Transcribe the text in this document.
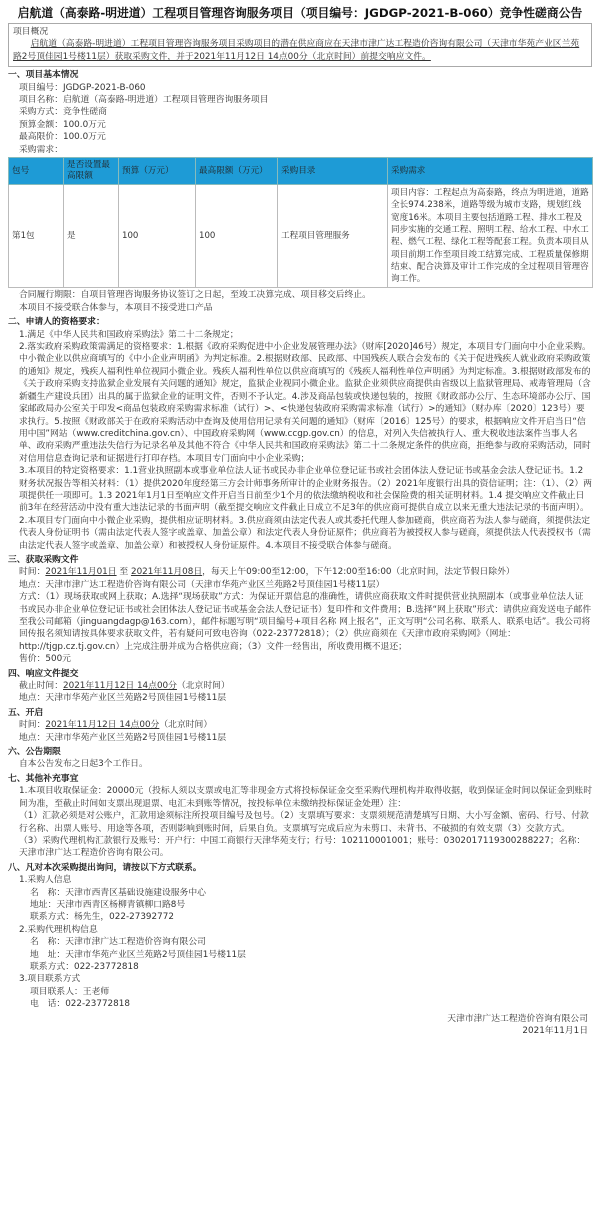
启航道（高泰路-明进道）工程项目管理咨询服务项目（项目编号：JGDGP-2021-B-060）竞争性磋商公告
项目概况
启航道（高泰路-明进道）工程项目管理咨询服务项目采购项目的潜在供应商应在天津市津广达工程造价咨询有限公司（天津市华苑产业区兰苑路2号顶佳园1号楼11层）获取采购文件，并于2021年11月12日 14点00分（北京时间）前提交响应文件。
一、项目基本情况
项目编号：JGDGP-2021-B-060
项目名称：启航道（高泰路-明进道）工程项目管理咨询服务项目
采购方式：竞争性磋商
预算金额：100.0万元
最高限价：100.0万元
采购需求：
包号	是否设置最高限额	预算（万元）	最高限额（万元）	采购目录	采购需求
第1包	是	100	100	工程项目管理服务	项目内容：工程起点为高泰路，终点为明进道，道路全长974.238米，道路等级为城市支路，规划红线宽度16米。本项目主要包括道路工程、排水工程及同步实施的交通工程、照明工程、给水工程、中水工程、燃气工程、绿化工程等配套工程。负责本项目从项目前期工作至项目竣工结算完成、工程质量保修期结束、配合决算及审计工作完成的全过程项目管理咨询工作。
合同履行期限：自项目管理咨询服务协议签订之日起，至竣工决算完成、项目移交后终止。
本项目不接受联合体参与，本项目不接受进口产品
二、申请人的资格要求：
1.满足《中华人民共和国政府采购法》第二十二条规定；
2.落实政府采购政策需满足的资格要求：1.根据《政府采购促进中小企业发展管理办法》（财库[2020]46号）规定，本项目专门面向中小企业采购。中小微企业以供应商填写的《中小企业声明函》为判定标准。2.根据财政部、民政部、中国残疾人联合会发布的《关于促进残疾人就业政府采购政策的通知》规定，残疾人福利性单位视同小微企业。残疾人福利性单位以供应商填写的《残疾人福利性单位声明函》为判定标准。3.根据财政部发布的《关于政府采购支持监狱企业发展有关问题的通知》规定，监狱企业视同小微企业。监狱企业须供应商提供由省级以上监狱管理局、戒毒管理局（含新疆生产建设兵团）出具的属于监狱企业的证明文件，否则不予认定。4.涉及商品包装或快递包装的，按照《财政部办公厅、生态环境部办公厅、国家邮政局办公室关于印发<商品包装政府采购需求标准（试行）>、<快递包装政府采购需求标准（试行）>的通知》（财办库〔2020〕123号）要求执行。5.按照《财政部关于在政府采购活动中查询及使用信用记录有关问题的通知》（财库〔2016〕125号）的要求，根据响应文件开启当日“信用中国”网站（www.creditchina.gov.cn）、中国政府采购网（www.ccgp.gov.cn）的信息，对列入失信被执行人、重大税收违法案件当事人名单、政府采购严重违法失信行为记录名单及其他不符合《中华人民共和国政府采购法》第二十二条规定条件的供应商，拒绝参与政府采购活动，同时对信用信息查询记录和证据进行打印存档。本项目专门面向中小企业采购；
3.本项目的特定资格要求：1.1营业执照副本或事业单位法人证书或民办非企业单位登记证书或社会团体法人登记证书或基金会法人登记证书。1.2 财务状况报告等相关材料：（1）提供2020年度经第三方会计师事务所审计的企业财务报告。（2）2021年度银行出具的资信证明；注：（1）、（2）两项提供任一项即可。1.3 2021年1月1日至响应文件开启当日前至少1个月的依法缴纳税收和社会保险费的相关证明材料。1.4 提交响应文件截止日前3年在经营活动中没有重大违法记录的书面声明（截至提交响应文件截止日成立不足3年的供应商可提供自成立以来无重大违法记录的书面声明）。2.本项目专门面向中小微企业采购，提供相应证明材料。3.供应商须由法定代表人或其委托代理人参加磋商，供应商若为法人参与磋商，须提供法定代表人身份证明书（需由法定代表人签字或盖章、加盖公章）和法定代表人身份证原件；供应商若为被授权人参与磋商，须提供法人代表授权书（需由法定代表人签字或盖章、加盖公章）和被授权人身份证原件。4.本项目不接受联合体参与磋商。
三、获取采购文件
时间：2021年11月01日 至 2021年11月08日，每天上午09:00至12:00，下午12:00至16:00（北京时间，法定节假日除外）
地点：天津市津广达工程造价咨询有限公司（天津市华苑产业区兰苑路2号顶佳园1号楼11层）
方式：（1）现场获取或网上获取；A.选择“现场获取”方式：为保证开票信息的准确性，请供应商获取文件时提供营业执照副本（或事业单位法人证书或民办非企业单位登记证书或社会团体法人登记证书或基金会法人登记证书）复印件和文件费用；B.选择“网上获取”形式：请供应商发送电子邮件至我公司邮箱（jinguangdagp@163.com），邮件标题写明“项目编号+项目名称 网上报名”，正文写明“公司名称、联系人、联系电话”。我公司将回传报名须知请按具体要求获取文件，若有疑问可致电咨询（022-23772818）；（2）供应商须在《天津市政府采购网》（网址：http://tjgp.cz.tj.gov.cn）上完成注册并成为合格供应商；（3）文件一经售出，所收费用概不退还；
售价：500元
四、响应文件提交
截止时间：2021年11月12日 14点00分（北京时间）
地点：天津市华苑产业区兰苑路2号顶佳园1号楼11层
五、开启
时间：2021年11月12日 14点00分（北京时间）
地点：天津市华苑产业区兰苑路2号顶佳园1号楼11层
六、公告期限
自本公告发布之日起3个工作日。
七、其他补充事宜
1.本项目收取保证金：20000元（投标人须以支票或电汇等非现金方式将投标保证金交至采购代理机构并取得收据，收到保证金时间以保证金到账时间为准，至截止时间如支票出现退票、电汇未到账等情况，按投标单位未缴纳投标保证金处理）注：
（1）汇款必须是对公账户，汇款用途须标注所投项目编号及包号。（2）支票填写要求：支票须规范清楚填写日期、大小写金额、密码、行号、付款行名称、出票人账号、用途等各项，否则影响到账时间，后果自负。支票填写完成后应为未剪口、未背书、不破损的有效支票（3）交款方式。
（3）采购代理机构汇款银行及账号：开户行：中国工商银行天津华苑支行；行号：102110001001；账号：0302017119300288227；名称：天津市津广达工程造价咨询有限公司。
八、凡对本次采购提出询问，请按以下方式联系。
1.采购人信息
名　称：天津市西青区基础设施建设服务中心
地址：天津市西青区杨柳青镇柳口路8号
联系方式：杨先生，022-27392772
2.采购代理机构信息
名　称：天津市津广达工程造价咨询有限公司
地　址：天津市华苑产业区兰苑路2号顶佳园1号楼11层
联系方式：022-23772818
3.项目联系方式
项目联系人：王老师
电　话：022-23772818
天津市津广达工程造价咨询有限公司
2021年11月1日
